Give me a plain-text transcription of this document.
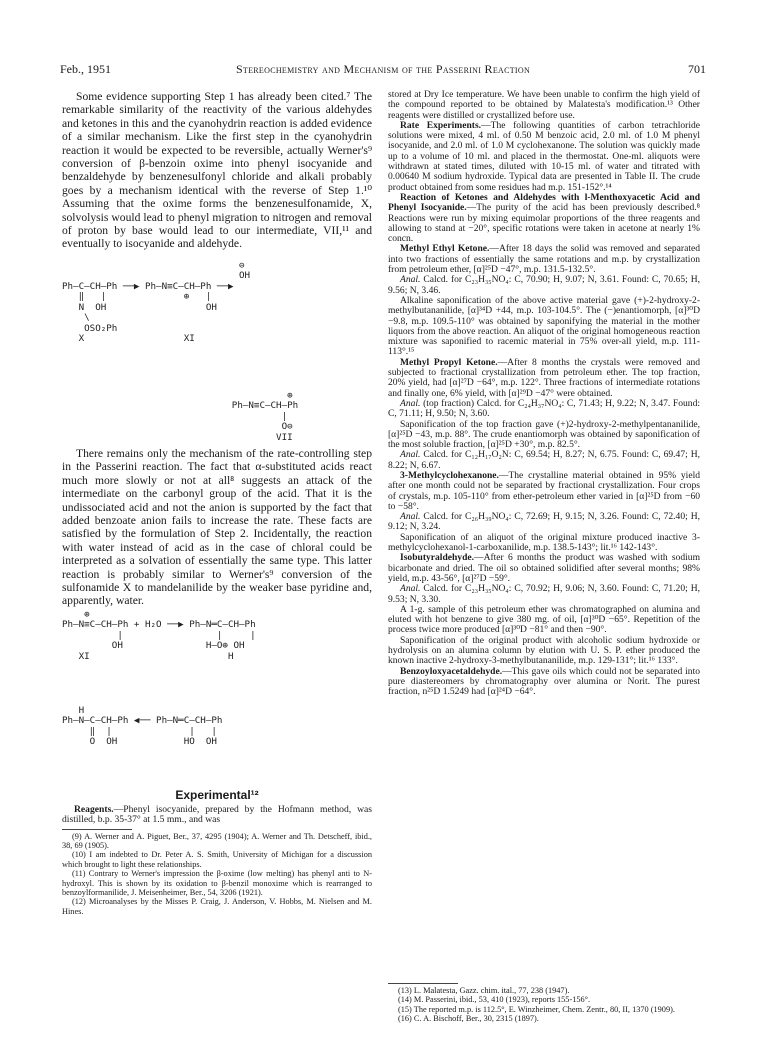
Feb., 1951	Stereochemistry and Mechanism of the Passerini Reaction	701

Some evidence supporting Step 1 has already been cited.⁷ The remarkable similarity of the reactivity of the various aldehydes and ketones in this and the cyanohydrin reaction is added evidence of a similar mechanism. Like the first step in the cyanohydrin reaction it would be expected to be reversible, actually Werner's⁹ conversion of β-benzoin oxime into phenyl isocyanide and benzaldehyde by benzenesulfonyl chloride and alkali probably goes by a mechanism identical with the reverse of Step 1.¹⁰ Assuming that the oxime forms the benzenesulfonamide, X, solvolysis would lead to phenyl migration to nitrogen and removal of proton by base would lead to our intermediate, VII,¹¹ and eventually to isocyanide and aldehyde.

⊖
OH
Ph—C—CH—Ph ──▶ Ph—N≡C—CH—Ph ──▶
‖   |              ⊕   |
N  OH                  OH
\
OSO₂Ph
X                  XI
⊕
Ph—N≡C—CH—Ph
|
O⊖
VII

There remains only the mechanism of the rate-controlling step in the Passerini reaction. The fact that α-substituted acids react much more slowly or not at all⁸ suggests an attack of the intermediate on the carbonyl group of the acid. That it is the undissociated acid and not the anion is supported by the fact that added benzoate anion fails to increase the rate. These facts are satisfied by the formulation of Step 2. Incidentally, the reaction with water instead of acid as in the case of chloral could be interpreted as a solvation of essentially the same type. This latter reaction is probably similar to Werner's⁹ conversion of the sulfonamide X to mandelanilide by the weaker base pyridine and, apparently, water.

⊕
Ph—N≡C—CH—Ph + H₂O ──▶ Ph—N═C—CH—Ph
|                 |     |
OH               H—O⊕ OH
XI                         H
H
Ph—N—C—CH—Ph ◀── Ph—N═C—CH—Ph
‖  |              |   |
O  OH            HO  OH
Experimental¹²

Reagents.—Phenyl isocyanide, prepared by the Hofmann method, was distilled, b.p. 35-37° at 1.5 mm., and was

(9) A. Werner and A. Piguet, Ber., 37, 4295 (1904); A. Werner and Th. Detscheff, ibid., 38, 69 (1905).

(10) I am indebted to Dr. Peter A. S. Smith, University of Michigan for a discussion which brought to light these relationships.

(11) Contrary to Werner's impression the β-oxime (low melting) has phenyl anti to N-hydroxyl. This is shown by its oxidation to β-benzil monoxime which is rearranged to benzoylformanilide, J. Meisenheimer, Ber., 54, 3206 (1921).

(12) Microanalyses by the Misses P. Craig, J. Anderson, V. Hobbs, M. Nielsen and M. Hines.

stored at Dry Ice temperature. We have been unable to confirm the high yield of the compound reported to be obtained by Malatesta's modification.¹³ Other reagents were distilled or crystallized before use.

Rate Experiments.—The following quantities of carbon tetrachloride solutions were mixed, 4 ml. of 0.50 M benzoic acid, 2.0 ml. of 1.0 M phenyl isocyanide, and 2.0 ml. of 1.0 M cyclohexanone. The solution was quickly made up to a volume of 10 ml. and placed in the thermostat. One-ml. aliquots were withdrawn at stated times, diluted with 10-15 ml. of water and titrated with 0.00640 M sodium hydroxide. Typical data are presented in Table II. The crude product obtained from some residues had m.p. 151-152°.¹⁴

Reaction of Ketones and Aldehydes with l-Menthoxyacetic Acid and Phenyl Isocyanide.—The purity of the acid has been previously described.⁸ Reactions were run by mixing equimolar proportions of the three reagents and allowing to stand at −20°, specific rotations were taken in acetone at nearly 1% concn.

Methyl Ethyl Ketone.—After 18 days the solid was removed and separated into two fractions of essentially the same rotations and m.p. by crystallization from petroleum ether, [α]²⁵D −47°, m.p. 131.5-132.5°.

Anal. Calcd. for C₂₃H₃₅NO₄: C, 70.90; H, 9.07; N, 3.61. Found: C, 70.65; H, 9.56; N, 3.46.

Alkaline saponification of the above active material gave (+)-2-hydroxy-2-methylbutananilide, [α]³⁴D +44, m.p. 103-104.5°. The (−)enantiomorph, [α]³⁰D −9.8, m.p. 109.5-110° was obtained by saponifying the material in the mother liquors from the above reaction. An aliquot of the original homogeneous reaction mixture was saponified to racemic material in 75% over-all yield, m.p. 111-113°.¹⁵

Methyl Propyl Ketone.—After 8 months the crystals were removed and subjected to fractional crystallization from petroleum ether. The top fraction, 20% yield, had [α]²⁷D −64°, m.p. 122°. Three fractions of intermediate rotations and finally one, 6% yield, with [α]²⁹D −47° were obtained.

Anal. (top fraction) Calcd. for C₂₄H₃₇NO₄: C, 71.43; H, 9.22; N, 3.47. Found: C, 71.11; H, 9.50; N, 3.60.

Saponification of the top fraction gave (+)2-hydroxy-2-methylpentananilide, [α]²⁵D −43, m.p. 88°. The crude enantiomorph was obtained by saponification of the most soluble fraction, [α]²⁵D +30°, m.p. 82.5°.

Anal. Calcd. for C₁₂H₁₇O₂N: C, 69.54; H, 8.27; N, 6.75. Found: C, 69.47; H, 8.22; N, 6.67.

3-Methylcyclohexanone.—The crystalline material obtained in 95% yield after one month could not be separated by fractional crystallization. Four crops of crystals, m.p. 105-110° from ether-petroleum ether varied in [α]²⁵D from −60 to −58°.

Anal. Calcd. for C₂₆H₃₉NO₄: C, 72.69; H, 9.15; N, 3.26. Found: C, 72.40; H, 9.12; N, 3.24.

Saponification of an aliquot of the original mixture produced inactive 3-methylcyclohexanol-1-carboxanilide, m.p. 138.5-143°; lit.¹⁶ 142-143°.

Isobutyraldehyde.—After 6 months the product was washed with sodium bicarbonate and dried. The oil so obtained solidified after several months; 98% yield, m.p. 43-56°, [α]²⁷D −59°.

Anal. Calcd. for C₂₃H₃₅NO₄: C, 70.92; H, 9.06; N, 3.60. Found: C, 71.20; H, 9.53; N, 3.30.

A 1-g. sample of this petroleum ether was chromatographed on alumina and eluted with hot benzene to give 380 mg. of oil, [α]³⁰D −65°. Repetition of the process twice more produced [α]³⁰D −81° and then −90°.

Saponification of the original product with alcoholic sodium hydroxide or hydrolysis on an alumina column by elution with U. S. P. ether produced the known inactive 2-hydroxy-3-methylbutananilide, m.p. 129-131°; lit.¹⁶ 133°.

Benzoyloxyacetaldehyde.—This gave oils which could not be separated into pure diastereomers by chromatography over alumina or Norit. The purest fraction, n²⁵D 1.5249 had [α]²⁴D −64°.

(13) L. Malatesta, Gazz. chim. ital., 77, 238 (1947).

(14) M. Passerini, ibid., 53, 410 (1923), reports 155-156°.

(15) The reported m.p. is 112.5°, E. Winzheimer, Chem. Zentr., 80, II, 1370 (1909).

(16) C. A. Bischoff, Ber., 30, 2315 (1897).
